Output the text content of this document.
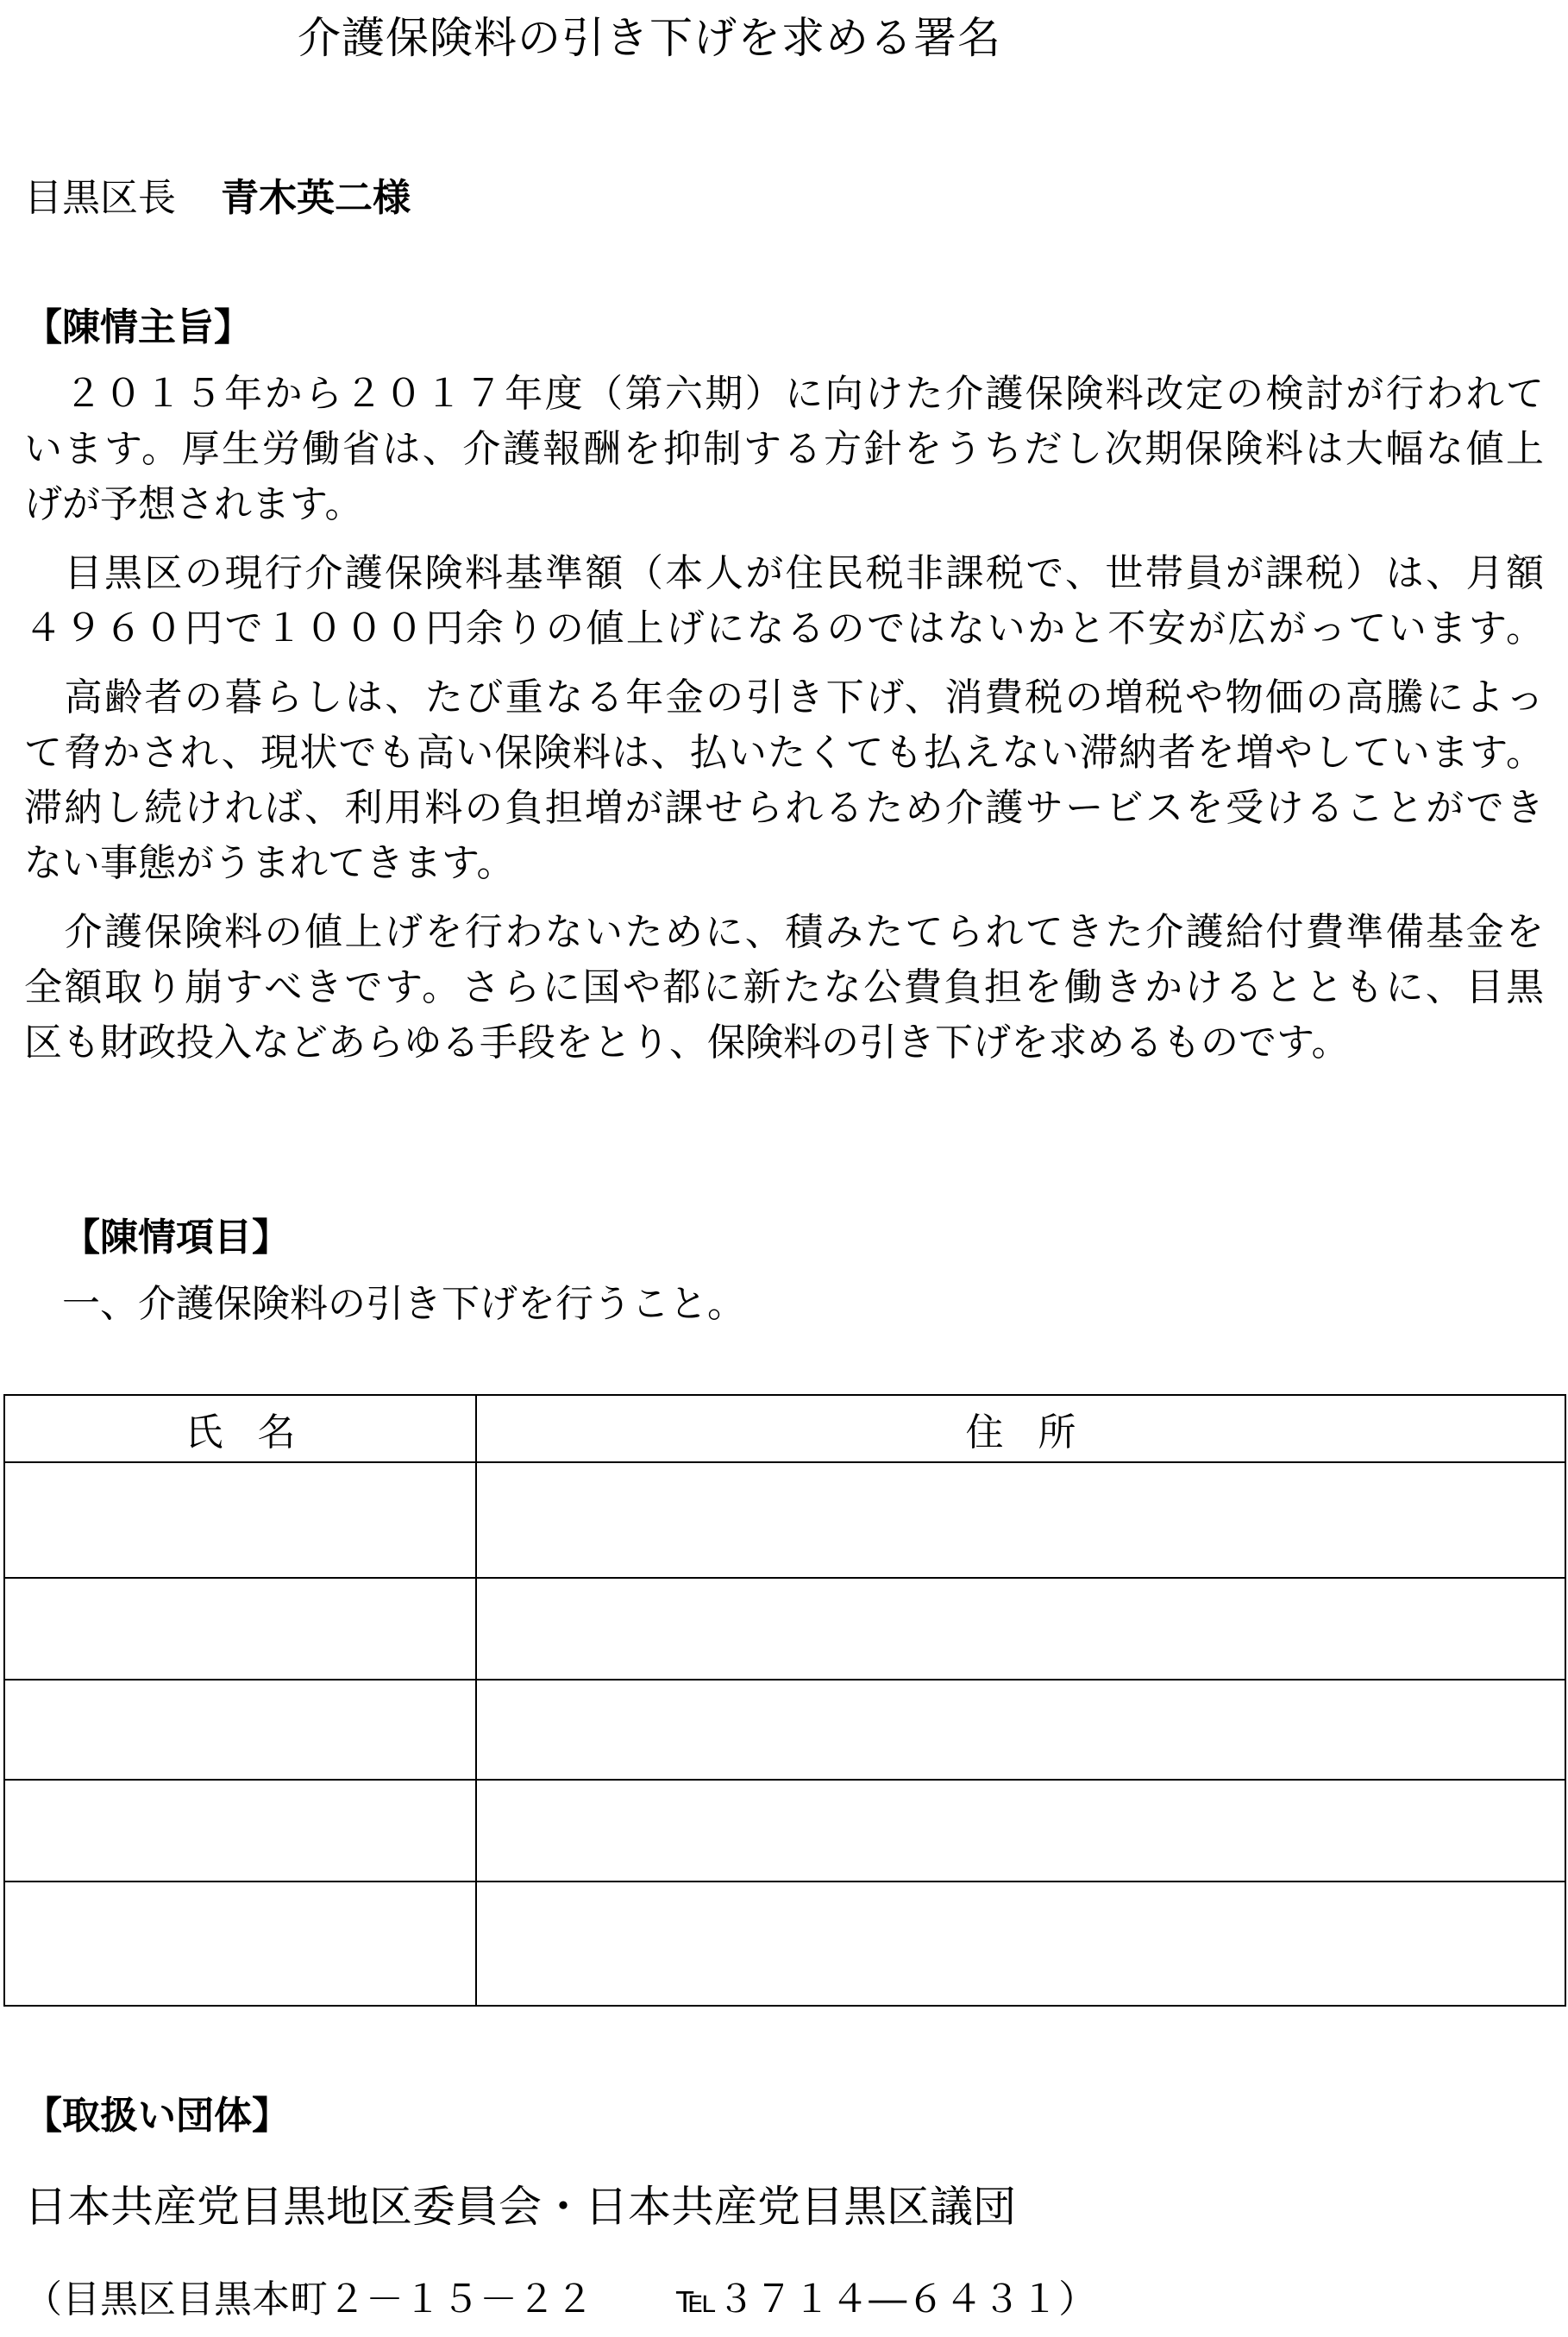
介護保険料の引き下げを求める署名
目黒区長 青木英二様
【陳情主旨】
　２０１５年から２０１７年度（第六期）に向けた介護保険料改定の検討が行われて
います。厚生労働省は、介護報酬を抑制する方針をうちだし次期保険料は大幅な値上
げが予想されます。
　目黒区の現行介護保険料基準額（本人が住民税非課税で、世帯員が課税）は、月額
４９６０円で１０００円余りの値上げになるのではないかと不安が広がっています。
　高齢者の暮らしは、たび重なる年金の引き下げ、消費税の増税や物価の高騰によっ
て脅かされ、現状でも高い保険料は、払いたくても払えない滞納者を増やしています。
滞納し続ければ、利用料の負担増が課せられるため介護サービスを受けることができ
ない事態がうまれてきます。
　介護保険料の値上げを行わないために、積みたてられてきた介護給付費準備基金を
全額取り崩すべきです。さらに国や都に新たな公費負担を働きかけるとともに、目黒
区も財政投入などあらゆる手段をとり、保険料の引き下げを求めるものです。
【陳情項目】
一、介護保険料の引き下げを行うこと。
氏名	住所

【取扱い団体】
日本共産党目黒地区委員会・日本共産党目黒区議団
（目黒区目黒本町２－１５－２２ ℡３７１４―６４３１）
